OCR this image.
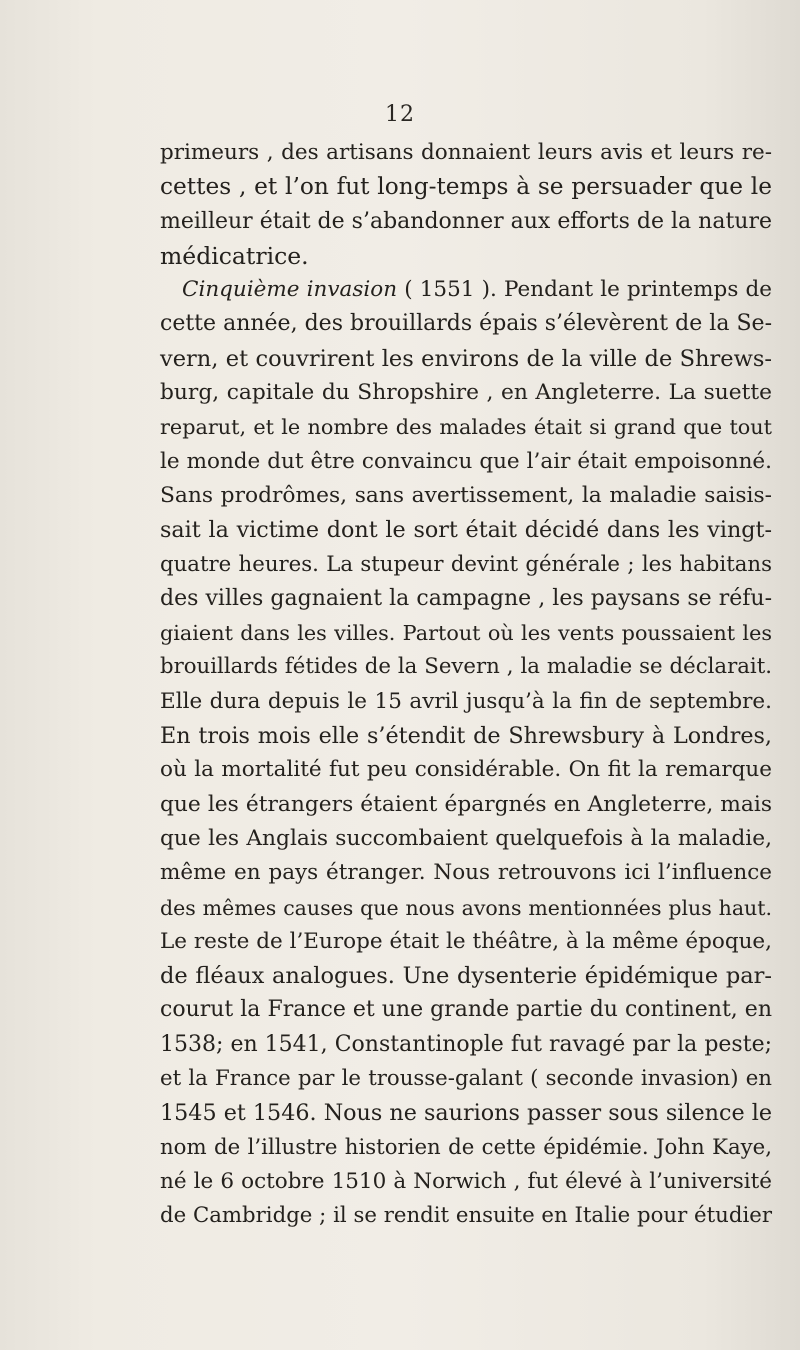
12
primeurs , des artisans donnaient leurs avis et leurs re-
cettes , et l’on fut long-temps à se persuader que le
meilleur était de s’abandonner aux efforts de la nature
médicatrice.
Cinquième invasion ( 1551 ). Pendant le printemps de
cette année, des brouillards épais s’élevèrent de la Se-
vern, et couvrirent les environs de la ville de Shrews-
burg, capitale du Shropshire , en Angleterre. La suette
reparut, et le nombre des malades était si grand que tout
le monde dut être convaincu que l’air était empoisonné.
Sans prodrômes, sans avertissement, la maladie saisis-
sait la victime dont le sort était décidé dans les vingt-
quatre heures. La stupeur devint générale ; les habitans
des villes gagnaient la campagne , les paysans se réfu-
giaient dans les villes. Partout où les vents poussaient les
brouillards fétides de la Severn , la maladie se déclarait.
Elle dura depuis le 15 avril jusqu’à la fin de septembre.
En trois mois elle s’étendit de Shrewsbury à Londres,
où la mortalité fut peu considérable. On fit la remarque
que les étrangers étaient épargnés en Angleterre, mais
que les Anglais succombaient quelquefois à la maladie,
même en pays étranger. Nous retrouvons ici l’influence
des mêmes causes que nous avons mentionnées plus haut.
Le reste de l’Europe était le théâtre, à la même époque,
de fléaux analogues. Une dysenterie épidémique par-
courut la France et une grande partie du continent, en
1538; en 1541, Constantinople fut ravagé par la peste;
et la France par le trousse-galant ( seconde invasion) en
1545 et 1546. Nous ne saurions passer sous silence le
nom de l’illustre historien de cette épidémie. John Kaye,
né le 6 octobre 1510 à Norwich , fut élevé à l’université
de Cambridge ; il se rendit ensuite en Italie pour étudier
